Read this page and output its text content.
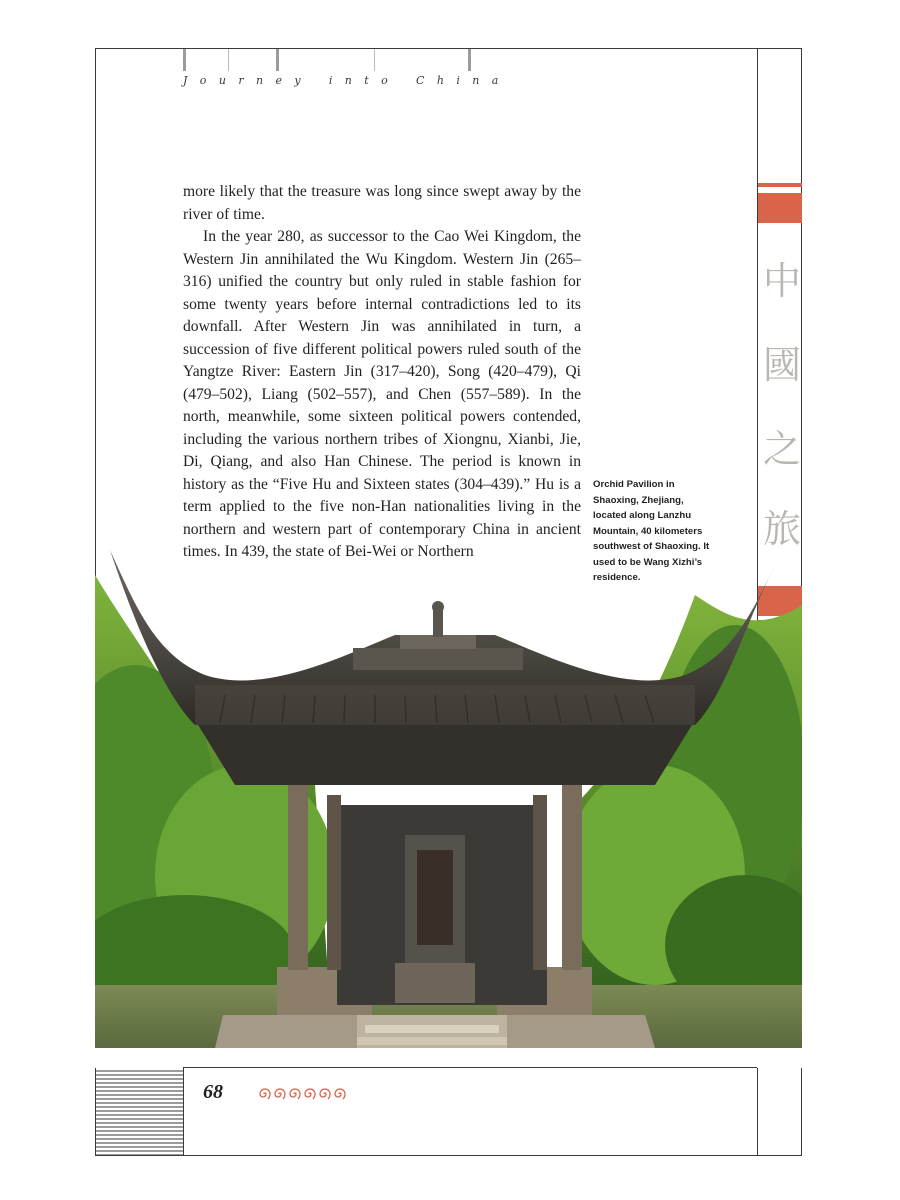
Journey into China
中
國
之
旅

more likely that the treasure was long since swept away by the river of time.

In the year 280, as successor to the Cao Wei Kingdom, the Western Jin annihilated the Wu Kingdom. Western Jin (265–316) unified the country but only ruled in stable fashion for some twenty years before internal contradictions led to its downfall. After Western Jin was annihilated in turn, a succession of five different political powers ruled south of the Yangtze River: Eastern Jin (317–420), Song (420–479), Qi (479–502), Liang (502–557), and Chen (557–589). In the north, meanwhile, some sixteen political powers contended, including the various northern tribes of Xiongnu, Xianbi, Jie, Di, Qiang, and also Han Chinese. The period is known in history as the “Five Hu and Sixteen states (304–439).” Hu is a term applied to the five non-Han nationalities living in the northern and western part of contemporary China in ancient times. In 439, the state of Bei-Wei or Northern

Orchid Pavilion in Shaoxing, Zhejiang, located along Lanzhu Mountain, 40 kilometers southwest of Shaoxing. It used to be Wang Xizhi’s residence.
68
